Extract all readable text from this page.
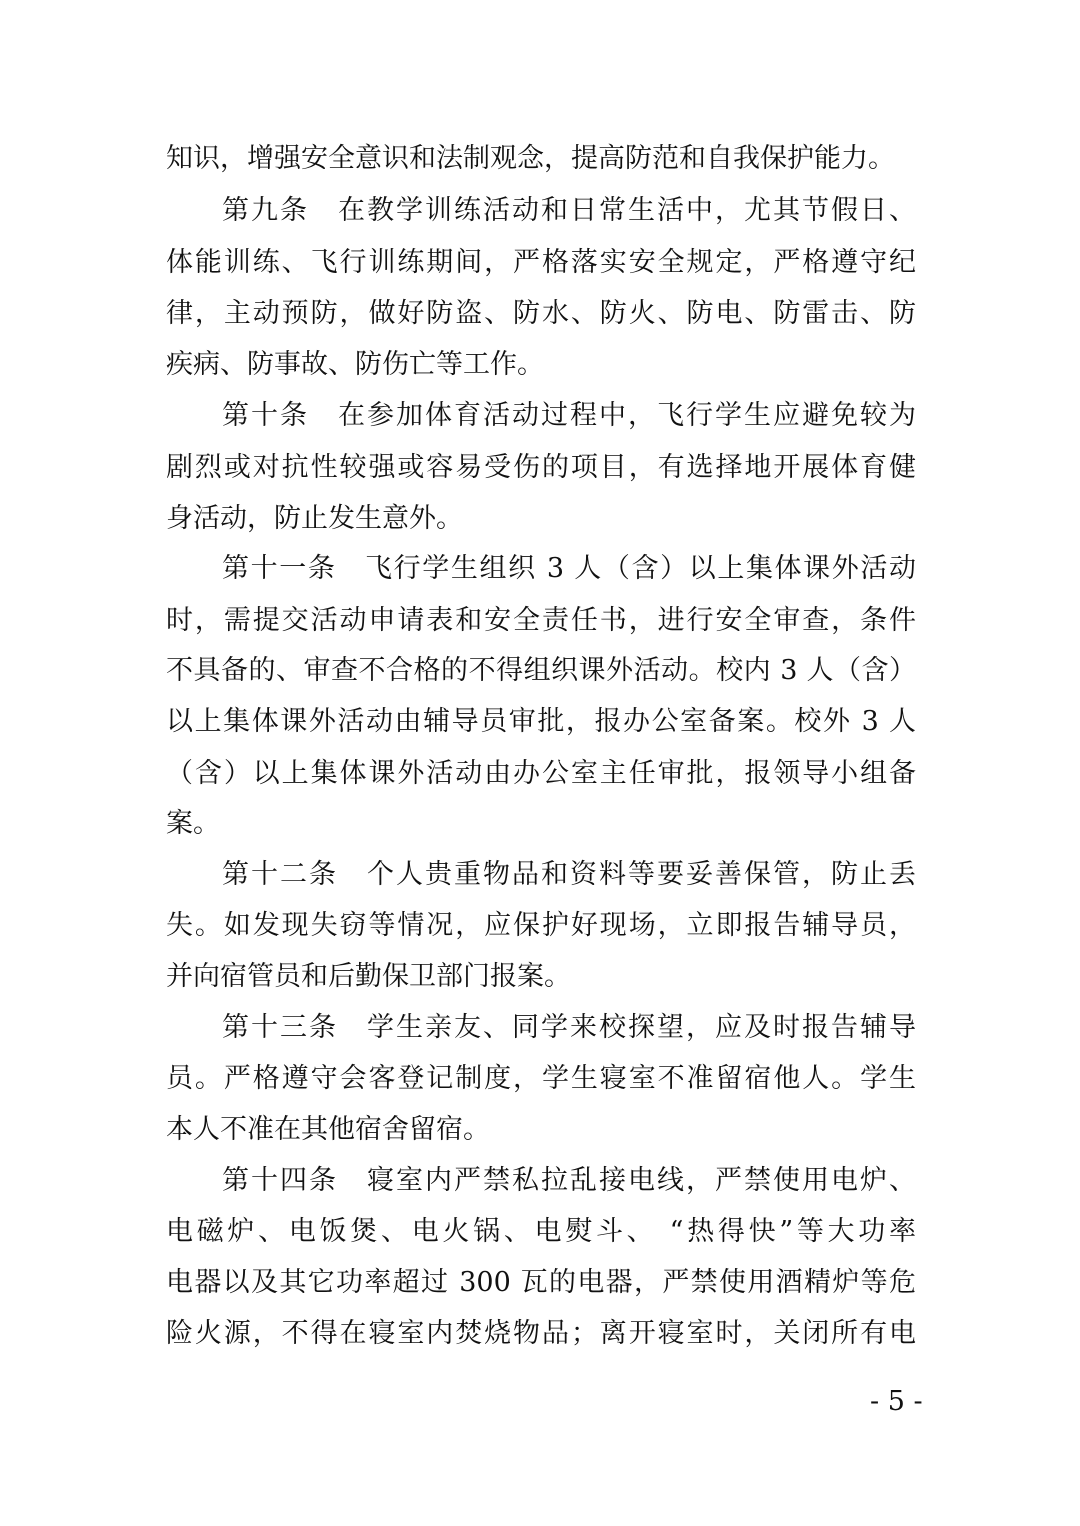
知识，增强安全意识和法制观念，提高防范和自我保护能力。
第九条　在教学训练活动和日常生活中，尤其节假日、
体能训练、飞行训练期间，严格落实安全规定，严格遵守纪
律，主动预防，做好防盗、防水、防火、防电、防雷击、防
疾病、防事故、防伤亡等工作。
第十条　在参加体育活动过程中，飞行学生应避免较为
剧烈或对抗性较强或容易受伤的项目，有选择地开展体育健
身活动，防止发生意外。
第十一条　飞行学生组织 3 人（含）以上集体课外活动
时，需提交活动申请表和安全责任书，进行安全审查，条件
不具备的、审查不合格的不得组织课外活动。校内 3 人（含）
以上集体课外活动由辅导员审批，报办公室备案。校外 3 人
（含）以上集体课外活动由办公室主任审批，报领导小组备
案。
第十二条　个人贵重物品和资料等要妥善保管，防止丢
失。如发现失窃等情况，应保护好现场，立即报告辅导员，
并向宿管员和后勤保卫部门报案。
第十三条　学生亲友、同学来校探望，应及时报告辅导
员。严格遵守会客登记制度，学生寝室不准留宿他人。学生
本人不准在其他宿舍留宿。
第十四条　寝室内严禁私拉乱接电线，严禁使用电炉、
电磁炉、电饭煲、电火锅、电熨斗、 “热得快”等大功率
电器以及其它功率超过 300 瓦的电器，严禁使用酒精炉等危
险火源，不得在寝室内焚烧物品；离开寝室时，关闭所有电
- 5 -
